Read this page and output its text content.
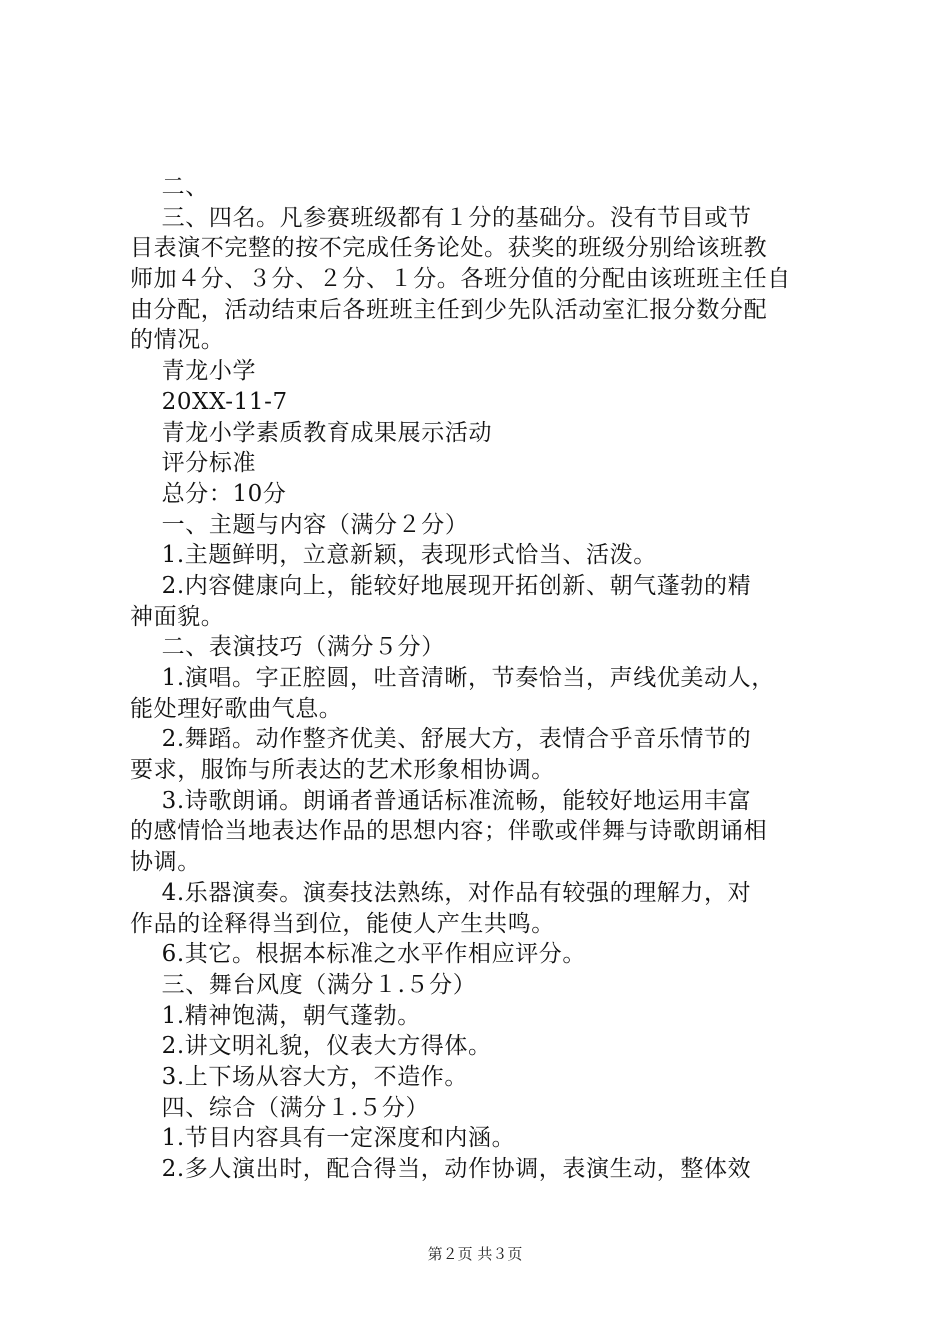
二、
三、四名。凡参赛班级都有１分的基础分。没有节目或节
目表演不完整的按不完成任务论处。获奖的班级分别给该班教
师加４分、３分、２分、１分。各班分值的分配由该班班主任自
由分配，活动结束后各班班主任到少先队活动室汇报分数分配
的情况。
青龙小学
20XX-11-7
青龙小学素质教育成果展示活动
评分标准
总分：10分
一、主题与内容（满分２分）
1.主题鲜明，立意新颖，表现形式恰当、活泼。
2.内容健康向上，能较好地展现开拓创新、朝气蓬勃的精
神面貌。
二、表演技巧（满分５分）
1.演唱。字正腔圆，吐音清晰，节奏恰当，声线优美动人，
能处理好歌曲气息。
2.舞蹈。动作整齐优美、舒展大方，表情合乎音乐情节的
要求，服饰与所表达的艺术形象相协调。
3.诗歌朗诵。朗诵者普通话标准流畅，能较好地运用丰富
的感情恰当地表达作品的思想内容；伴歌或伴舞与诗歌朗诵相
协调。
4.乐器演奏。演奏技法熟练，对作品有较强的理解力，对
作品的诠释得当到位，能使人产生共鸣。
6.其它。根据本标准之水平作相应评分。
三、舞台风度（满分１.５分）
1.精神饱满，朝气蓬勃。
2.讲文明礼貌，仪表大方得体。
3.上下场从容大方，不造作。
四、综合（满分１.５分）
1.节目内容具有一定深度和内涵。
2.多人演出时，配合得当，动作协调，表演生动，整体效
第２页 共３页
